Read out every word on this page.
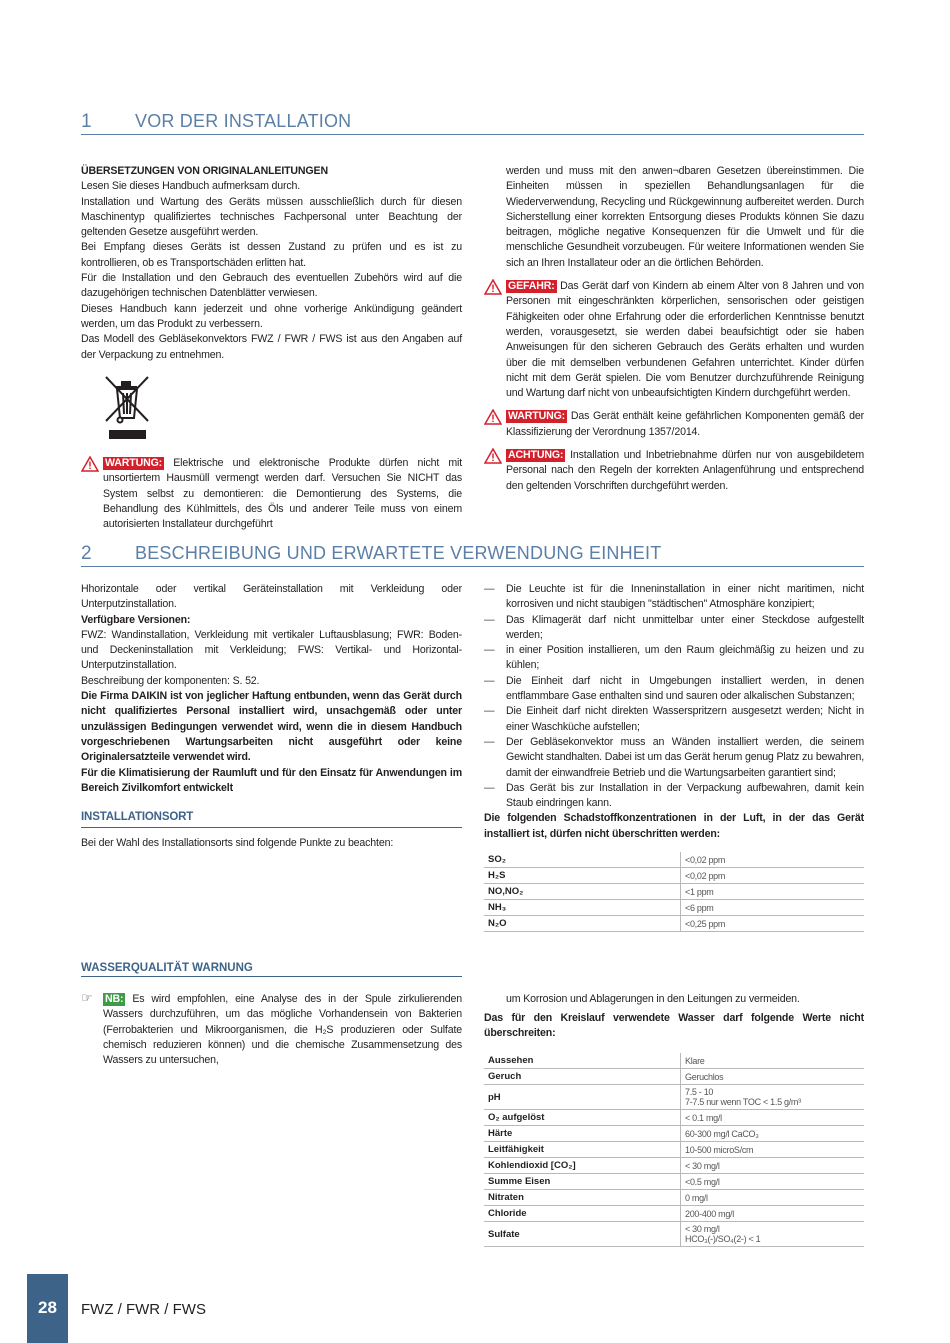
1 VOR DER INSTALLATION

ÜBERSETZUNGEN VON ORIGINALANLEITUNGEN

Lesen Sie dieses Handbuch aufmerksam durch.

Installation und Wartung des Geräts müssen ausschließlich durch für diesen Maschinentyp qualifiziertes technisches Fachpersonal unter Beachtung der geltenden Gesetze ausgeführt werden.

Bei Empfang dieses Geräts ist dessen Zustand zu prüfen und es ist zu kontrollieren, ob es Transportschäden erlitten hat.

Für die Installation und den Gebrauch des eventuellen Zubehörs wird auf die dazugehörigen technischen Datenblätter verwiesen.

Dieses Handbuch kann jederzeit und ohne vorherige Ankündigung geändert werden, um das Produkt zu verbessern.

Das Modell des Gebläsekonvektors FWZ / FWR / FWS ist aus den Angaben auf der Verpackung zu entnehmen.

WARTUNG: Elektrische und elektronische Produkte dürfen nicht mit unsortiertem Hausmüll vermengt werden darf. Versuchen Sie NICHT das System selbst zu demontieren: die Demontierung des Systems, die Behandlung des Kühlmittels, des Öls und anderer Teile muss von einem autorisierten Installateur durchgeführt

werden und muss mit den anwen¬dbaren Gesetzen übereinstimmen. Die Einheiten müssen in speziellen Behandlungsanlagen für die Wiederverwendung, Recycling und Rückgewinnung aufbereitet werden. Durch Sicherstellung einer korrekten Entsorgung dieses Produkts können Sie dazu beitragen, mögliche negative Konsequenzen für die Umwelt und für die menschliche Gesundheit vorzubeugen. Für weitere Informationen wenden Sie sich an Ihren Installateur oder an die örtlichen Behörden.

GEFAHR: Das Gerät darf von Kindern ab einem Alter von 8 Jahren und von Personen mit eingeschränkten körperlichen, sensorischen oder geistigen Fähigkeiten oder ohne Erfahrung oder die erforderlichen Kenntnisse benutzt werden, vorausgesetzt, sie werden dabei beaufsichtigt oder sie haben Anweisungen für den sicheren Gebrauch des Geräts erhalten und wurden über die mit demselben verbundenen Gefahren unterrichtet. Kinder dürfen nicht mit dem Gerät spielen. Die vom Benutzer durchzuführende Reinigung und Wartung darf nicht von unbeaufsichtigten Kindern durchgeführt werden.
WARTUNG: Das Gerät enthält keine gefährlichen Komponenten gemäß der Klassifizierung der Verordnung 1357/2014.
ACHTUNG: Installation und Inbetriebnahme dürfen nur von ausgebildetem Personal nach den Regeln der korrekten Anlagenführung und entsprechend den geltenden Vorschriften durchgeführt werden.
2 BESCHREIBUNG UND ERWARTETE VERWENDUNG EINHEIT

Hhorizontale oder vertikal Geräteinstallation mit Verkleidung oder Unterputzinstallation.

Verfügbare Versionen:

FWZ: Wandinstallation, Verkleidung mit vertikaler Luftausblasung; FWR: Boden- und Deckeninstallation mit Verkleidung; FWS: Vertikal- und Horizontal-Unterputzinstallation.

Beschreibung der komponenten: S. 52.

Die Firma DAIKIN ist von jeglicher Haftung entbunden, wenn das Gerät durch nicht qualifiziertes Personal installiert wird, unsachgemäß oder unter unzulässigen Bedingungen verwendet wird, wenn die in diesem Handbuch vorgeschriebenen Wartungsarbeiten nicht ausgeführt oder keine Originalersatzteile verwendet wird.

Für die Klimatisierung der Raumluft und für den Einsatz für Anwendungen im Bereich Zivilkomfort entwickelt

INSTALLATIONSORT

Bei der Wahl des Installationsorts sind folgende Punkte zu beachten:

— Die Leuchte ist für die Inneninstallation in einer nicht maritimen, nicht korrosiven und nicht staubigen "städtischen" Atmosphäre konzipiert;
— Das Klimagerät darf nicht unmittelbar unter einer Steckdose aufgestellt werden;
— in einer Position installieren, um den Raum gleichmäßig zu heizen und zu kühlen;
— Die Einheit darf nicht in Umgebungen installiert werden, in denen entflammbare Gase enthalten sind und sauren oder alkalischen Substanzen;
— Die Einheit darf nicht direkten Wasserspritzern ausgesetzt werden; Nicht in einer Waschküche aufstellen;
— Der Gebläsekonvektor muss an Wänden installiert werden, die seinem Gewicht standhalten. Dabei ist um das Gerät herum genug Platz zu bewahren, damit der einwandfreie Betrieb und die Wartungsarbeiten garantiert sind;
— Das Gerät bis zur Installation in der Verpackung aufbewahren, damit kein Staub eindringen kann.

Die folgenden Schadstoffkonzentrationen in der Luft, in der das Gerät installiert ist, dürfen nicht überschritten werden:

SO₂	<0,02 ppm

H₂S	<0,02 ppm

NO,NO₂	<1 ppm

NH₃	<6 ppm

N₂O	<0,25 ppm
WASSERQUALITÄT WARNUNG
☞ NB: Es wird empfohlen, eine Analyse des in der Spule zirkulierenden Wassers durchzuführen, um das mögliche Vorhandensein von Bakterien (Ferrobakterien und Mikroorganismen, die H₂S produzieren oder Sulfate chemisch reduzieren können) und die chemische Zusammensetzung des Wassers zu untersuchen,
um Korrosion und Ablagerungen in den Leitungen zu vermeiden.
Das für den Kreislauf verwendete Wasser darf folgende Werte nicht überschreiten:
Aussehen	Klare

Geruch	Geruchlos

pH	7.5 - 10
7-7.5 nur wenn TOC < 1.5 g/m³

O₂ aufgelöst	< 0.1 mg/l

Härte	60-300 mg/l CaCO₃

Leitfähigkeit	10-500 microS/cm

Kohlendioxid [CO₂]	< 30 mg/l

Summe Eisen	<0.5 mg/l

Nitraten	0 mg/l

Chloride	200-400 mg/l

Sulfate	< 30 mg/l
HCO₃(-)/SO₄(2-) < 1
28	FWZ / FWR / FWS
